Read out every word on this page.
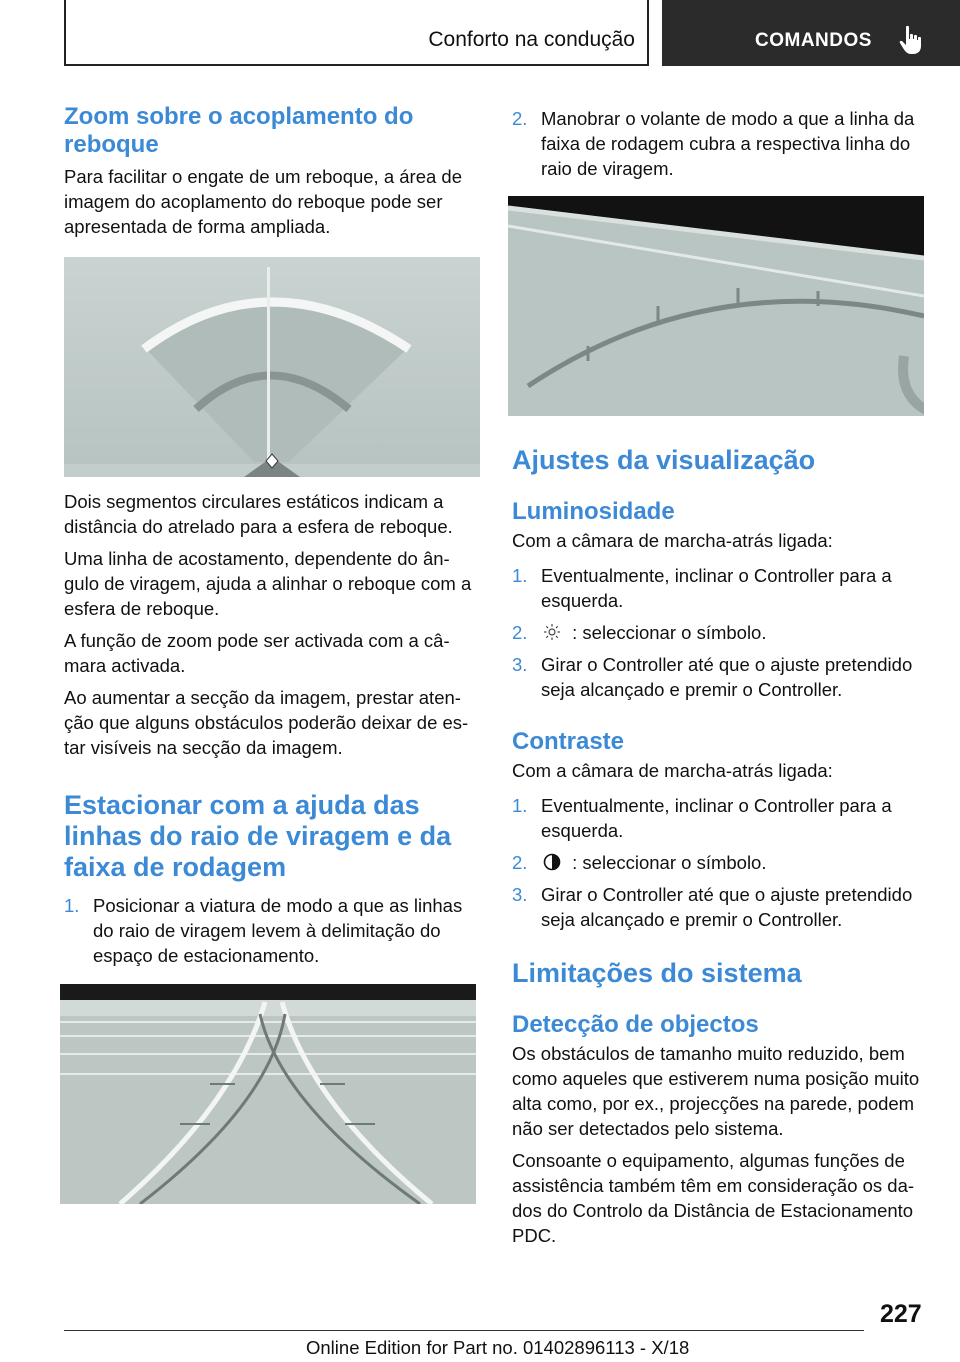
Conforto na condução	COMANDOS
Zoom sobre o acoplamento do reboque

Para facilitar o engate de um reboque, a área de imagem do acoplamento do reboque pode ser apresentada de forma ampliada.

Dois segmentos circulares estáticos indicam a distância do atrelado para a esfera de reboque.

Uma linha de acostamento, dependente do ân-gulo de viragem, ajuda a alinhar o reboque com a esfera de reboque.

A função de zoom pode ser activada com a câ-mara activada.

Ao aumentar a secção da imagem, prestar aten-ção que alguns obstáculos poderão deixar de es-tar visíveis na secção da imagem.

Estacionar com a ajuda das linhas do raio de viragem e da faixa de rodagem
1. Posicionar a viatura de modo a que as linhas do raio de viragem levem à delimitação do espaço de estacionamento.
2. Manobrar o volante de modo a que a linha da faixa de rodagem cubra a respectiva linha do raio de viragem.
Ajustes da visualização
Luminosidade

Com a câmara de marcha-atrás ligada:

1. Eventualmente, inclinar o Controller para a esquerda.
2. : seleccionar o símbolo.
3. Girar o Controller até que o ajuste pretendido seja alcançado e premir o Controller.
Contraste

Com a câmara de marcha-atrás ligada:

1. Eventualmente, inclinar o Controller para a esquerda.
2. : seleccionar o símbolo.
3. Girar o Controller até que o ajuste pretendido seja alcançado e premir o Controller.
Limitações do sistema
Detecção de objectos

Os obstáculos de tamanho muito reduzido, bem como aqueles que estiverem numa posição muito alta como, por ex., projecções na parede, podem não ser detectados pelo sistema.

Consoante o equipamento, algumas funções de assistência também têm em consideração os da-dos do Controlo da Distância de Estacionamento PDC.

227
Online Edition for Part no. 01402896113 - X/18
